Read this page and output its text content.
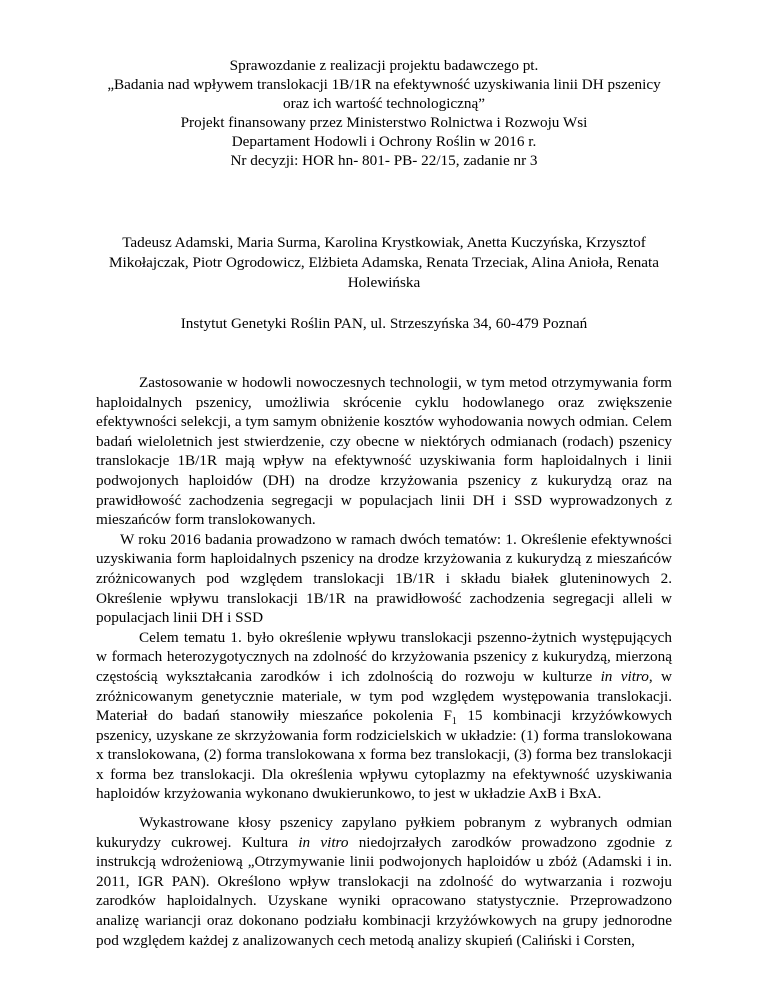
Sprawozdanie z realizacji projektu badawczego pt.
„Badania nad wpływem translokacji 1B/1R na efektywność uzyskiwania linii DH pszenicy
oraz ich wartość technologiczną”
Projekt finansowany przez Ministerstwo Rolnictwa i Rozwoju Wsi
Departament Hodowli i Ochrony Roślin w 2016 r.
Nr decyzji: HOR hn- 801- PB- 22/15, zadanie nr 3
Tadeusz Adamski, Maria Surma, Karolina Krystkowiak, Anetta Kuczyńska, Krzysztof Mikołajczak, Piotr Ogrodowicz, Elżbieta Adamska, Renata Trzeciak, Alina Anioła, Renata Holewińska
Instytut Genetyki Roślin PAN, ul. Strzeszyńska 34, 60-479 Poznań

Zastosowanie w hodowli nowoczesnych technologii, w tym metod otrzymywania form haploidalnych pszenicy, umożliwia skrócenie cyklu hodowlanego oraz zwiększenie efektywności selekcji, a tym samym obniżenie kosztów wyhodowania nowych odmian. Celem badań wieloletnich jest stwierdzenie, czy obecne w niektórych odmianach (rodach) pszenicy translokacje 1B/1R mają wpływ na efektywność uzyskiwania form haploidalnych i linii podwojonych haploidów (DH) na drodze krzyżowania pszenicy z kukurydzą oraz na prawidłowość zachodzenia segregacji w populacjach linii DH i SSD wyprowadzonych z mieszańców form translokowanych.

W roku 2016 badania prowadzono w ramach dwóch tematów: 1. Określenie efektywności uzyskiwania form haploidalnych pszenicy na drodze krzyżowania z kukurydzą z mieszańców zróżnicowanych pod względem translokacji 1B/1R i składu białek gluteninowych 2. Określenie wpływu translokacji 1B/1R na prawidłowość zachodzenia segregacji alleli w populacjach linii DH i SSD

Celem tematu 1. było określenie wpływu translokacji pszenno-żytnich występujących w formach heterozygotycznych na zdolność do krzyżowania pszenicy z kukurydzą, mierzoną częstością wykształcania zarodków i ich zdolnością do rozwoju w kulturze in vitro, w zróżnicowanym genetycznie materiale, w tym pod względem występowania translokacji. Materiał do badań stanowiły mieszańce pokolenia $F_1$ 15 kombinacji krzyżówkowych pszenicy, uzyskane ze skrzyżowania form rodzicielskich w układzie: (1) forma translokowana x translokowana, (2) forma translokowana x forma bez translokacji, (3) forma bez translokacji x forma bez translokacji. Dla określenia wpływu cytoplazmy na efektywność uzyskiwania haploidów krzyżowania wykonano dwukierunkowo, to jest w układzie AxB i BxA.

Wykastrowane kłosy pszenicy zapylano pyłkiem pobranym z wybranych odmian kukurydzy cukrowej. Kultura in vitro niedojrzałych zarodków prowadzono zgodnie z instrukcją wdrożeniową „Otrzymywanie linii podwojonych haploidów u zbóż (Adamski i in. 2011, IGR PAN). Określono wpływ translokacji na zdolność do wytwarzania i rozwoju zarodków haploidalnych. Uzyskane wyniki opracowano statystycznie. Przeprowadzono analizę wariancji oraz dokonano podziału kombinacji krzyżówkowych na grupy jednorodne pod względem każdej z analizowanych cech metodą analizy skupień (Caliński i Corsten,
